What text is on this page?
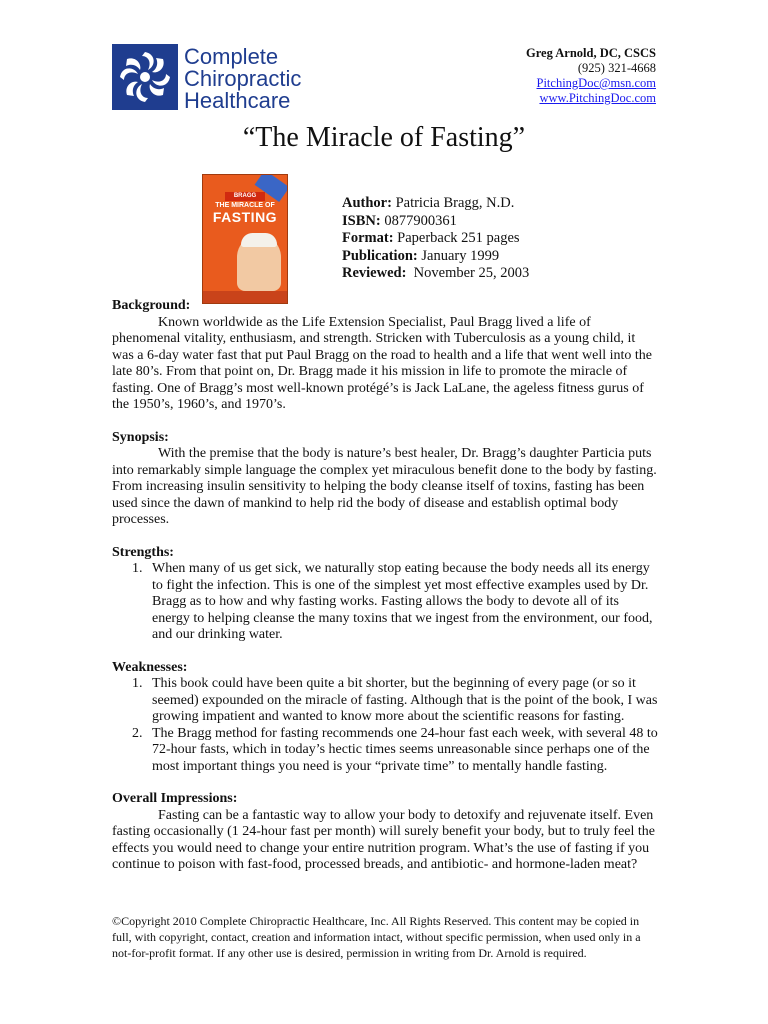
Complete
Chiropractic
Healthcare
Greg Arnold, DC, CSCS
(925) 321-4668
PitchingDoc@msn.com
www.PitchingDoc.com
“The Miracle of Fasting”
BRAGG
THE MIRACLE OF
FASTING
Author: Patricia Bragg, N.D.
ISBN: 0877900361
Format: Paperback 251 pages
Publication: January 1999
Reviewed: November 25, 2003
Background:

Known worldwide as the Life Extension Specialist, Paul Bragg lived a life of phenomenal vitality, enthusiasm, and strength. Stricken with Tuberculosis as a young child, it was a 6-day water fast that put Paul Bragg on the road to health and a life that went well into the late 80’s. From that point on, Dr. Bragg made it his mission in life to promote the miracle of fasting. One of Bragg’s most well-known protégé’s is Jack LaLane, the ageless fitness gurus of the 1950’s, 1960’s, and 1970’s.

Synopsis:

With the premise that the body is nature’s best healer, Dr. Bragg’s daughter Particia puts into remarkably simple language the complex yet miraculous benefit done to the body by fasting. From increasing insulin sensitivity to helping the body cleanse itself of toxins, fasting has been used since the dawn of mankind to help rid the body of disease and establish optimal body processes.

Strengths:
1. When many of us get sick, we naturally stop eating because the body needs all its energy to fight the infection. This is one of the simplest yet most effective examples used by Dr. Bragg as to how and why fasting works. Fasting allows the body to devote all of its energy to helping cleanse the many toxins that we ingest from the environment, our food, and our drinking water.
Weaknesses:
1. This book could have been quite a bit shorter, but the beginning of every page (or so it seemed) expounded on the miracle of fasting. Although that is the point of the book, I was growing impatient and wanted to know more about the scientific reasons for fasting.
2. The Bragg method for fasting recommends one 24-hour fast each week, with several 48 to 72-hour fasts, which in today’s hectic times seems unreasonable since perhaps one of the most important things you need is your “private time” to mentally handle fasting.
Overall Impressions:

Fasting can be a fantastic way to allow your body to detoxify and rejuvenate itself. Even fasting occasionally (1 24-hour fast per month) will surely benefit your body, but to truly feel the effects you would need to change your entire nutrition program. What’s the use of fasting if you continue to poison with fast-food, processed breads, and antibiotic- and hormone-laden meat?

©Copyright 2010 Complete Chiropractic Healthcare, Inc. All Rights Reserved. This content may be copied in full, with copyright, contact, creation and information intact, without specific permission, when used only in a not-for-profit format. If any other use is desired, permission in writing from Dr. Arnold is required.
